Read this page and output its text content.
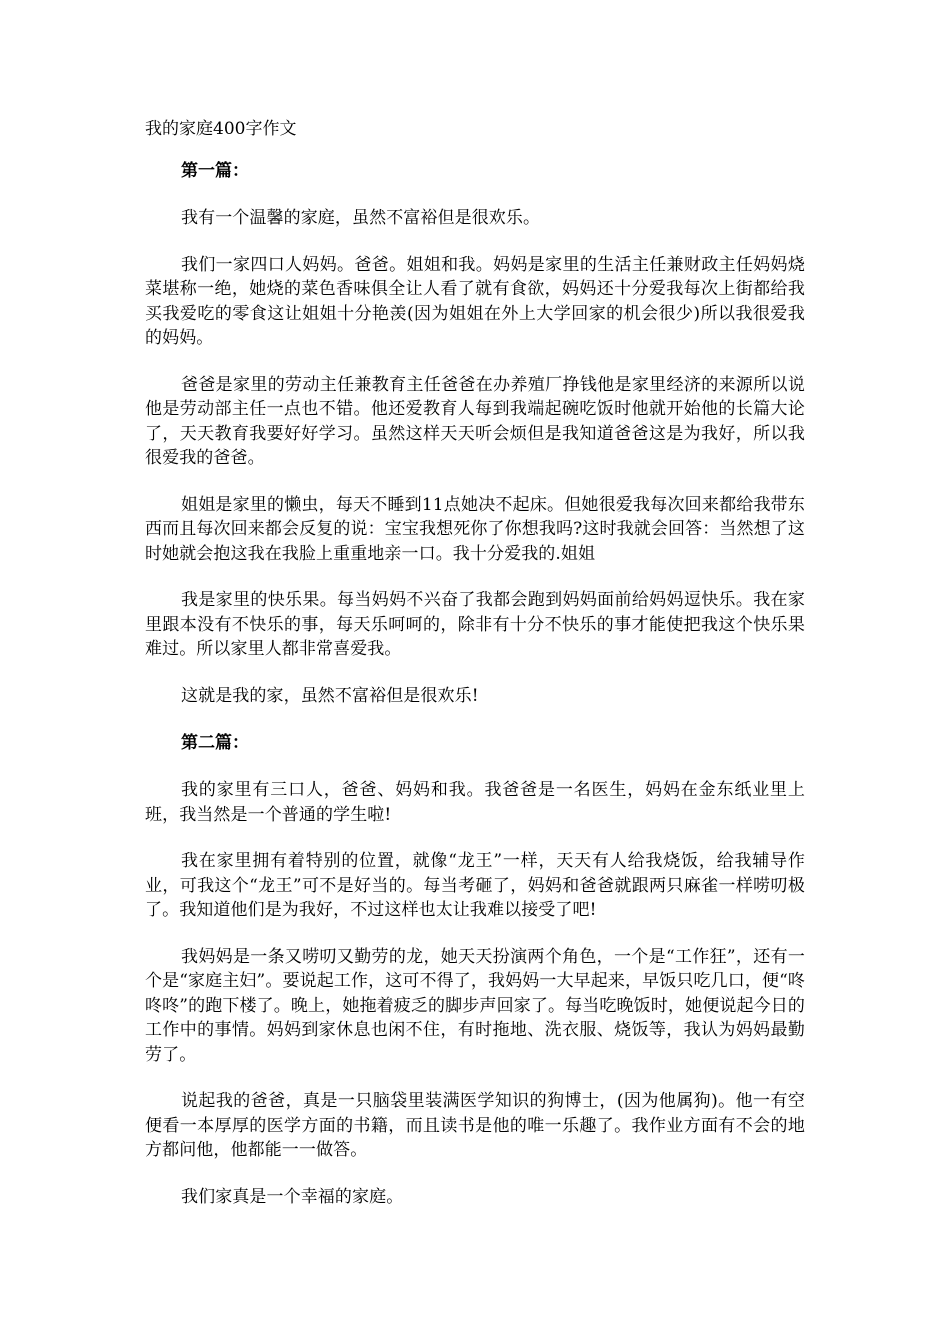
我的家庭400字作文
第一篇：

我有一个温馨的家庭，虽然不富裕但是很欢乐。

我们一家四口人妈妈。爸爸。姐姐和我。妈妈是家里的生活主任兼财政主任妈妈烧菜堪称一绝，她烧的菜色香味俱全让人看了就有食欲，妈妈还十分爱我每次上街都给我买我爱吃的零食这让姐姐十分艳羡(因为姐姐在外上大学回家的机会很少)所以我很爱我的妈妈。

爸爸是家里的劳动主任兼教育主任爸爸在办养殖厂挣钱他是家里经济的来源所以说他是劳动部主任一点也不错。他还爱教育人每到我端起碗吃饭时他就开始他的长篇大论了，天天教育我要好好学习。虽然这样天天听会烦但是我知道爸爸这是为我好，所以我很爱我的爸爸。

姐姐是家里的懒虫，每天不睡到11点她决不起床。但她很爱我每次回来都给我带东西而且每次回来都会反复的说：宝宝我想死你了你想我吗?这时我就会回答：当然想了这时她就会抱这我在我脸上重重地亲一口。我十分爱我的.姐姐

我是家里的快乐果。每当妈妈不兴奋了我都会跑到妈妈面前给妈妈逗快乐。我在家里跟本没有不快乐的事，每天乐呵呵的，除非有十分不快乐的事才能使把我这个快乐果难过。所以家里人都非常喜爱我。

这就是我的家，虽然不富裕但是很欢乐!

第二篇：

我的家里有三口人，爸爸、妈妈和我。我爸爸是一名医生，妈妈在金东纸业里上班，我当然是一个普通的学生啦!

我在家里拥有着特别的位置，就像“龙王”一样，天天有人给我烧饭，给我辅导作业，可我这个“龙王”可不是好当的。每当考砸了，妈妈和爸爸就跟两只麻雀一样唠叨极了。我知道他们是为我好，不过这样也太让我难以接受了吧!

我妈妈是一条又唠叨又勤劳的龙，她天天扮演两个角色，一个是“工作狂”，还有一个是“家庭主妇”。要说起工作，这可不得了，我妈妈一大早起来，早饭只吃几口，便“咚咚咚”的跑下楼了。晚上，她拖着疲乏的脚步声回家了。每当吃晚饭时，她便说起今日的工作中的事情。妈妈到家休息也闲不住，有时拖地、洗衣服、烧饭等，我认为妈妈最勤劳了。

说起我的爸爸，真是一只脑袋里装满医学知识的狗博士，(因为他属狗)。他一有空便看一本厚厚的医学方面的书籍，而且读书是他的唯一乐趣了。我作业方面有不会的地方都问他，他都能一一做答。

我们家真是一个幸福的家庭。
